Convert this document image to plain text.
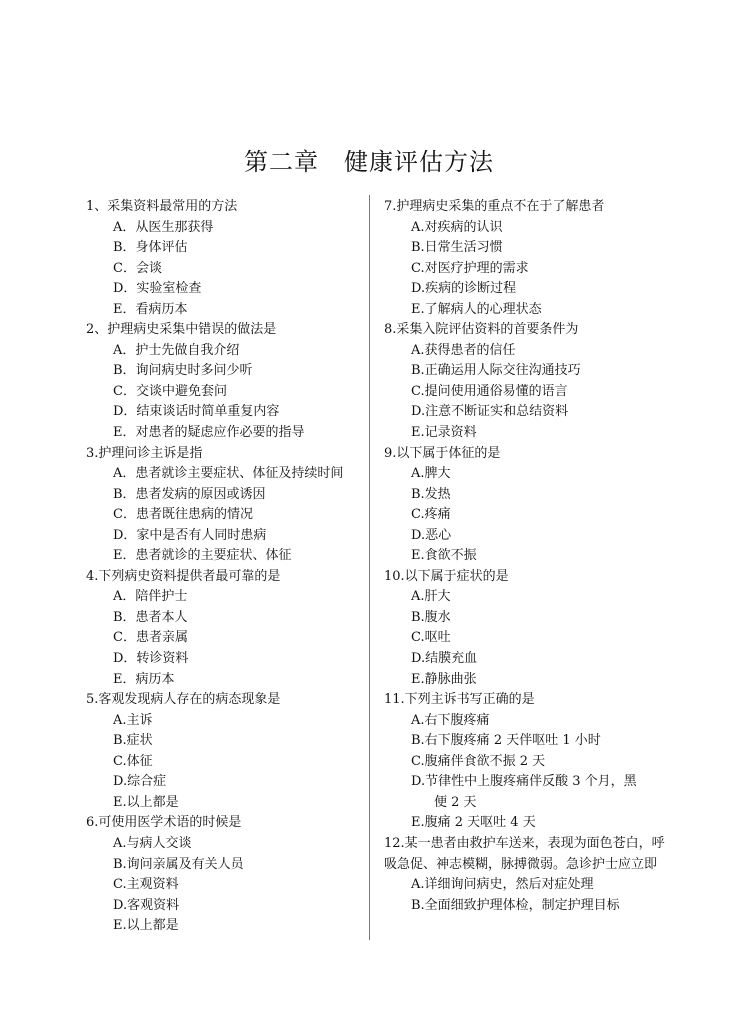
第二章　健康评估方法
1、采集资料最常用的方法
A．从医生那获得
B．身体评估
C．会谈
D．实验室检查
E．看病历本
2、护理病史采集中错误的做法是
A．护士先做自我介绍
B．询问病史时多问少听
C．交谈中避免套问
D．结束谈话时简单重复内容
E．对患者的疑虑应作必要的指导
3.护理问诊主诉是指
A．患者就诊主要症状、体征及持续时间
B．患者发病的原因或诱因
C．患者既往患病的情况
D．家中是否有人同时患病
E．患者就诊的主要症状、体征
4.下列病史资料提供者最可靠的是
A．陪伴护士
B．患者本人
C．患者亲属
D．转诊资料
E．病历本
5.客观发现病人存在的病态现象是
A.主诉
B.症状
C.体征
D.综合症
E.以上都是
6.可使用医学术语的时候是
A.与病人交谈
B.询问亲属及有关人员
C.主观资料
D.客观资料
E.以上都是
7.护理病史采集的重点不在于了解患者
A.对疾病的认识
B.日常生活习惯
C.对医疗护理的需求
D.疾病的诊断过程
E.了解病人的心理状态
8.采集入院评估资料的首要条件为
A.获得患者的信任
B.正确运用人际交往沟通技巧
C.提问使用通俗易懂的语言
D.注意不断证实和总结资料
E.记录资料
9.以下属于体征的是
A.脾大
B.发热
C.疼痛
D.恶心
E.食欲不振
10.以下属于症状的是
A.肝大
B.腹水
C.呕吐
D.结膜充血
E.静脉曲张
11.下列主诉书写正确的是
A.右下腹疼痛
B.右下腹疼痛 2 天伴呕吐 1 小时
C.腹痛伴食欲不振 2 天
D.节律性中上腹疼痛伴反酸 3 个月，黑
便 2 天
E.腹痛 2 天呕吐 4 天
12.某一患者由救护车送来，表现为面色苍白，呼吸急促、神志模糊，脉搏微弱。急诊护士应立即
A.详细询问病史，然后对症处理
B.全面细致护理体检，制定护理目标
